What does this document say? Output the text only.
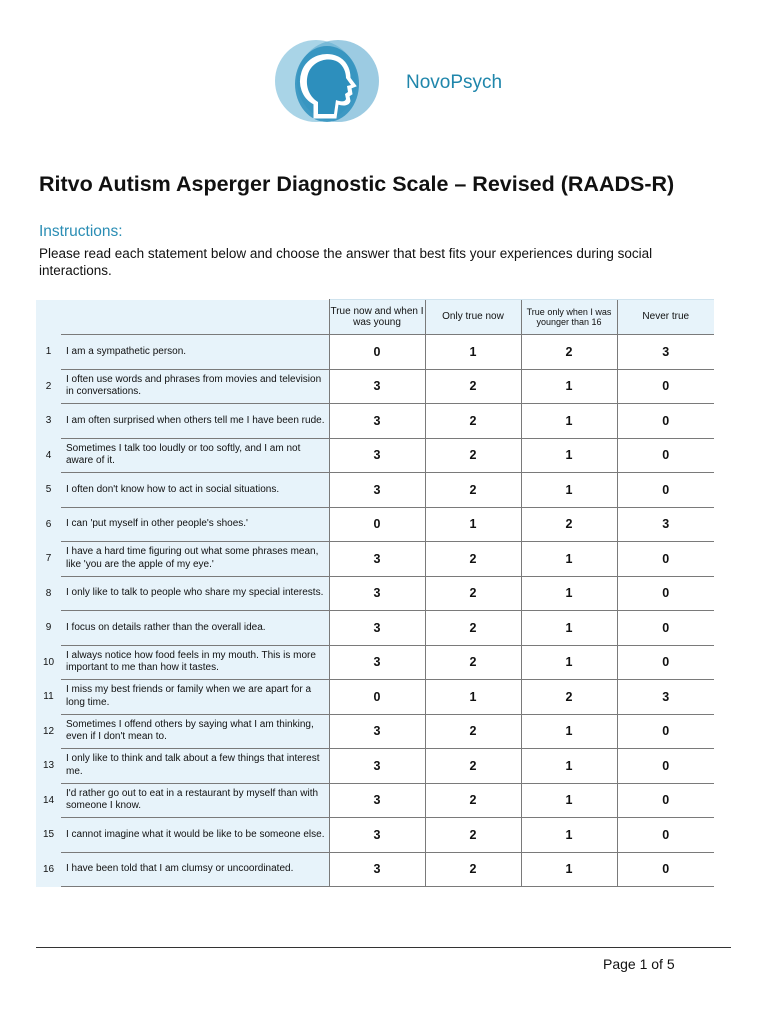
NovoPsych
Ritvo Autism Asperger Diagnostic Scale – Revised (RAADS-R)
Instructions:
Please read each statement below and choose the answer that best fits your experiences during social interactions.
		True now and when I was young	Only true now	True only when I was younger than 16	Never true
1	I am a sympathetic person.	0	1	2	3
2	I often use words and phrases from movies and television in conversations.	3	2	1	0
3	I am often surprised when others tell me I have been rude.	3	2	1	0
4	Sometimes I talk too loudly or too softly, and I am not aware of it.	3	2	1	0
5	I often don't know how to act in social situations.	3	2	1	0
6	I can 'put myself in other people's shoes.'	0	1	2	3
7	I have a hard time figuring out what some phrases mean, like 'you are the apple of my eye.'	3	2	1	0
8	I only like to talk to people who share my special interests.	3	2	1	0
9	I focus on details rather than the overall idea.	3	2	1	0
10	I always notice how food feels in my mouth. This is more important to me than how it tastes.	3	2	1	0
11	I miss my best friends or family when we are apart for a long time.	0	1	2	3
12	Sometimes I offend others by saying what I am thinking, even if I don't mean to.	3	2	1	0
13	I only like to think and talk about a few things that interest me.	3	2	1	0
14	I'd rather go out to eat in a restaurant by myself than with someone I know.	3	2	1	0
15	I cannot imagine what it would be like to be someone else.	3	2	1	0
16	I have been told that I am clumsy or uncoordinated.	3	2	1	0
Page 1 of 5
